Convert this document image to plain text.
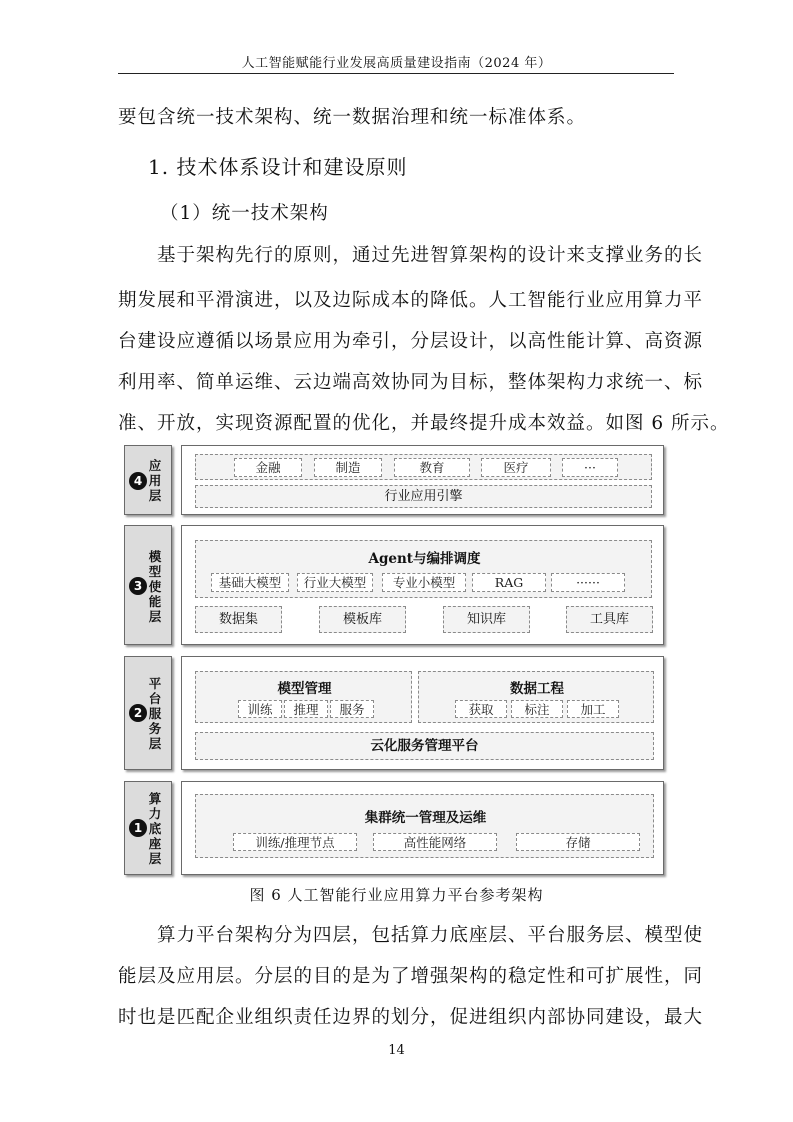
人工智能赋能行业发展高质量建设指南（2024 年）
要包含统一技术架构、统一数据治理和统一标准体系。
1. 技术体系设计和建设原则
（1）统一技术架构
基于架构先行的原则，通过先进智算架构的设计来支撑业务的长
期发展和平滑演进，以及边际成本的降低。人工智能行业应用算力平
台建设应遵循以场景应用为牵引，分层设计，以高性能计算、高资源
利用率、简单运维、云边端高效协同为目标，整体架构力求统一、标
准、开放，实现资源配置的优化，并最终提升成本效益。如图 6 所示。
4
应用层
金融	制造	教育	医疗	···
行业应用引擎
3
模型使能层
Agent与编排调度
基础大模型	行业大模型	专业小模型	RAG	······
数据集	模板库	知识库	工具库
2
平台服务层
模型管理
训练	推理	服务
数据工程
获取	标注	加工
云化服务管理平台
1
算力底座层
集群统一管理及运维
训练/推理节点	高性能网络	存储
图 6 人工智能行业应用算力平台参考架构
算力平台架构分为四层，包括算力底座层、平台服务层、模型使
能层及应用层。分层的目的是为了增强架构的稳定性和可扩展性，同
时也是匹配企业组织责任边界的划分，促进组织内部协同建设，最大
14
